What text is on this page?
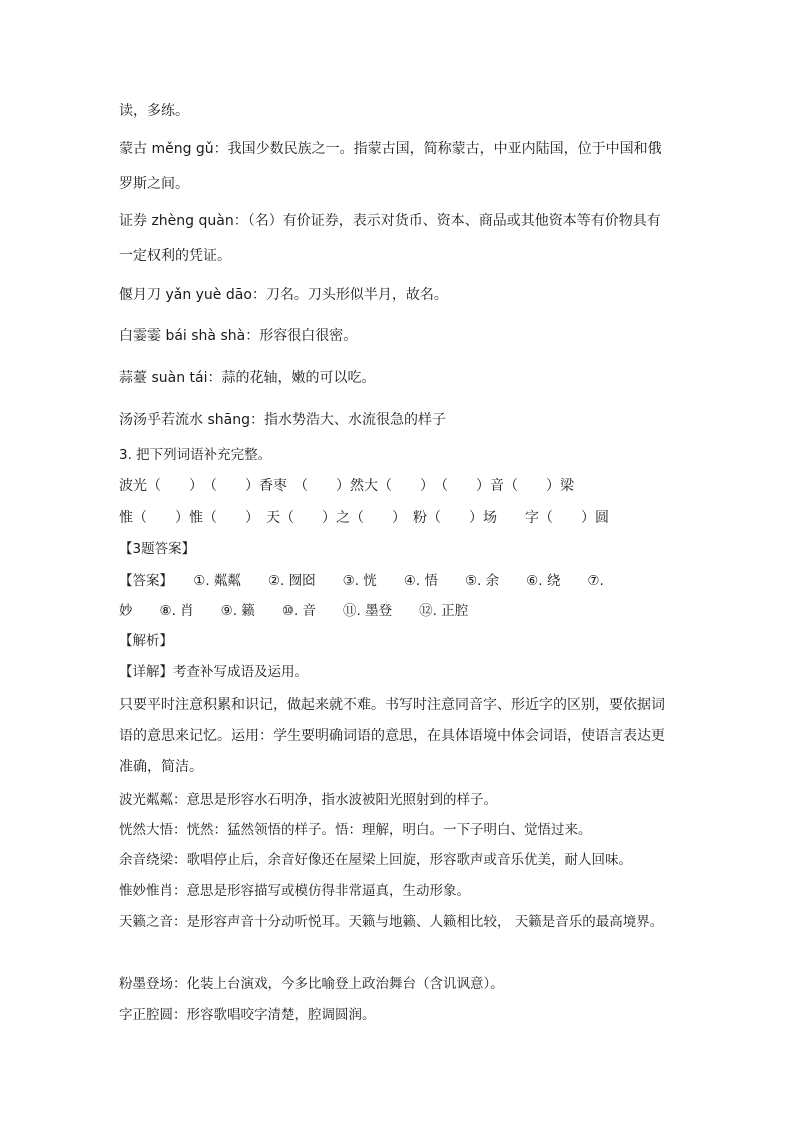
读，多练。
蒙古 měng gǔ：我国少数民族之一。指蒙古国，简称蒙古，中亚内陆国，位于中国和俄
罗斯之间。
证券 zhèng quàn：（名）有价证券，表示对货币、资本、商品或其他资本等有价物具有
一定权利的凭证。
偃月刀 yǎn yuè dāo：刀名。刀头形似半月，故名。
白霎霎 bái shà shà：形容很白很密。
蒜薹 suàn tái：蒜的花轴，嫩的可以吃。
汤汤乎若流水 shāng：指水势浩大、水流很急的样子
3. 把下列词语补充完整。
波光（　　）　（　　）香枣　（　　）然大（　　）　（　　）音（　　）梁
惟（　　）惟（　　）　天（　　）之（　　）　粉（　　）场　　字（　　）圆
【3题答案】
【答案】　　①. 粼粼　　②. 囫囵　　③. 恍　　④. 悟　　⑤. 余　　⑥. 绕　　⑦.
妙　　⑧. 肖　　⑨. 籁　　⑩. 音　　⑪. 墨登　　⑫. 正腔
【解析】
【详解】考查补写成语及运用。
只要平时注意积累和识记，做起来就不难。书写时注意同音字、形近字的区别，要依据词
语的意思来记忆。运用：学生要明确词语的意思，在具体语境中体会词语，使语言表达更
准确，简洁。
波光粼粼：意思是形容水石明净，指水波被阳光照射到的样子。
恍然大悟：恍然：猛然领悟的样子。悟：理解，明白。一下子明白、觉悟过来。
余音绕梁：歌唱停止后，余音好像还在屋梁上回旋，形容歌声或音乐优美，耐人回味。
惟妙惟肖：意思是形容描写或模仿得非常逼真，生动形象。
天籁之音：是形容声音十分动听悦耳。天籁与地籁、人籁相比较， 天籁是音乐的最高境界。
粉墨登场：化装上台演戏，今多比喻登上政治舞台（含讥讽意）。
字正腔圆：形容歌唱咬字清楚，腔调圆润。
